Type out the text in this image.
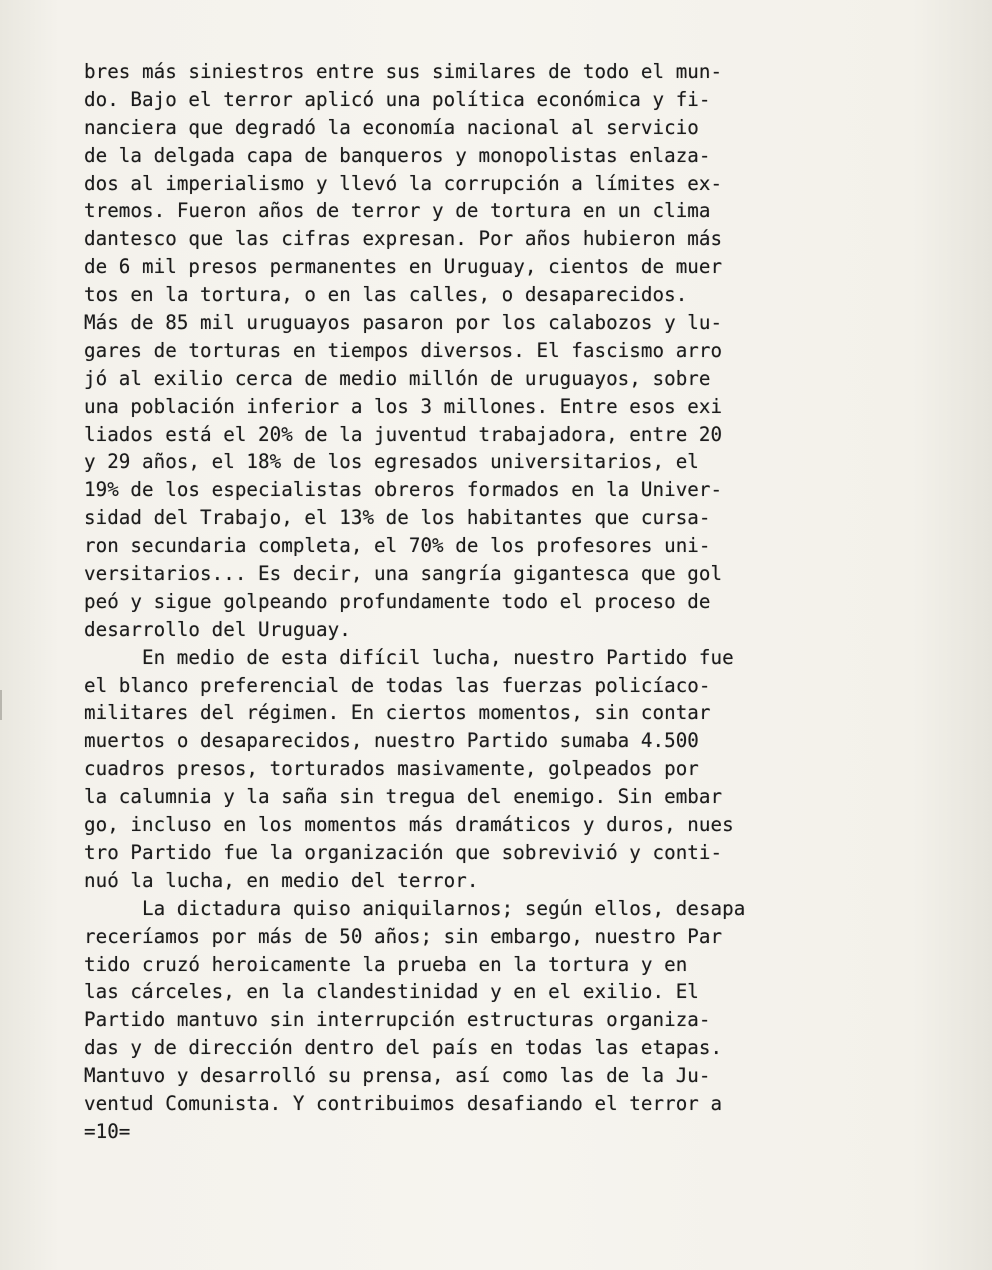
bres más siniestros entre sus similares de todo el mun-
do. Bajo el terror aplicó una política económica y fi-
nanciera que degradó la economía nacional al servicio
de la delgada capa de banqueros y monopolistas enlaza-
dos al imperialismo y llevó la corrupción a límites ex-
tremos. Fueron años de terror y de tortura en un clima
dantesco que las cifras expresan. Por años hubieron más
de 6 mil presos permanentes en Uruguay, cientos de muer
tos en la tortura, o en las calles, o desaparecidos.
Más de 85 mil uruguayos pasaron por los calabozos y lu-
gares de torturas en tiempos diversos. El fascismo arro
jó al exilio cerca de medio millón de uruguayos, sobre
una población inferior a los 3 millones. Entre esos exi
liados está el 20% de la juventud trabajadora, entre 20
y 29 años, el 18% de los egresados universitarios, el
19% de los especialistas obreros formados en la Univer-
sidad del Trabajo, el 13% de los habitantes que cursa-
ron secundaria completa, el 70% de los profesores uni-
versitarios... Es decir, una sangría gigantesca que gol
peó y sigue golpeando profundamente todo el proceso de
desarrollo del Uruguay.
En medio de esta difícil lucha, nuestro Partido fue
el blanco preferencial de todas las fuerzas policíaco-
militares del régimen. En ciertos momentos, sin contar
muertos o desaparecidos, nuestro Partido sumaba 4.500
cuadros presos, torturados masivamente, golpeados por
la calumnia y la saña sin tregua del enemigo. Sin embar
go, incluso en los momentos más dramáticos y duros, nues
tro Partido fue la organización que sobrevivió y conti-
nuó la lucha, en medio del terror.
La dictadura quiso aniquilarnos; según ellos, desapa
receríamos por más de 50 años; sin embargo, nuestro Par
tido cruzó heroicamente la prueba en la tortura y en
las cárceles, en la clandestinidad y en el exilio. El
Partido mantuvo sin interrupción estructuras organiza-
das y de dirección dentro del país en todas las etapas.
Mantuvo y desarrolló su prensa, así como las de la Ju-
ventud Comunista. Y contribuimos desafiando el terror a
=10=
